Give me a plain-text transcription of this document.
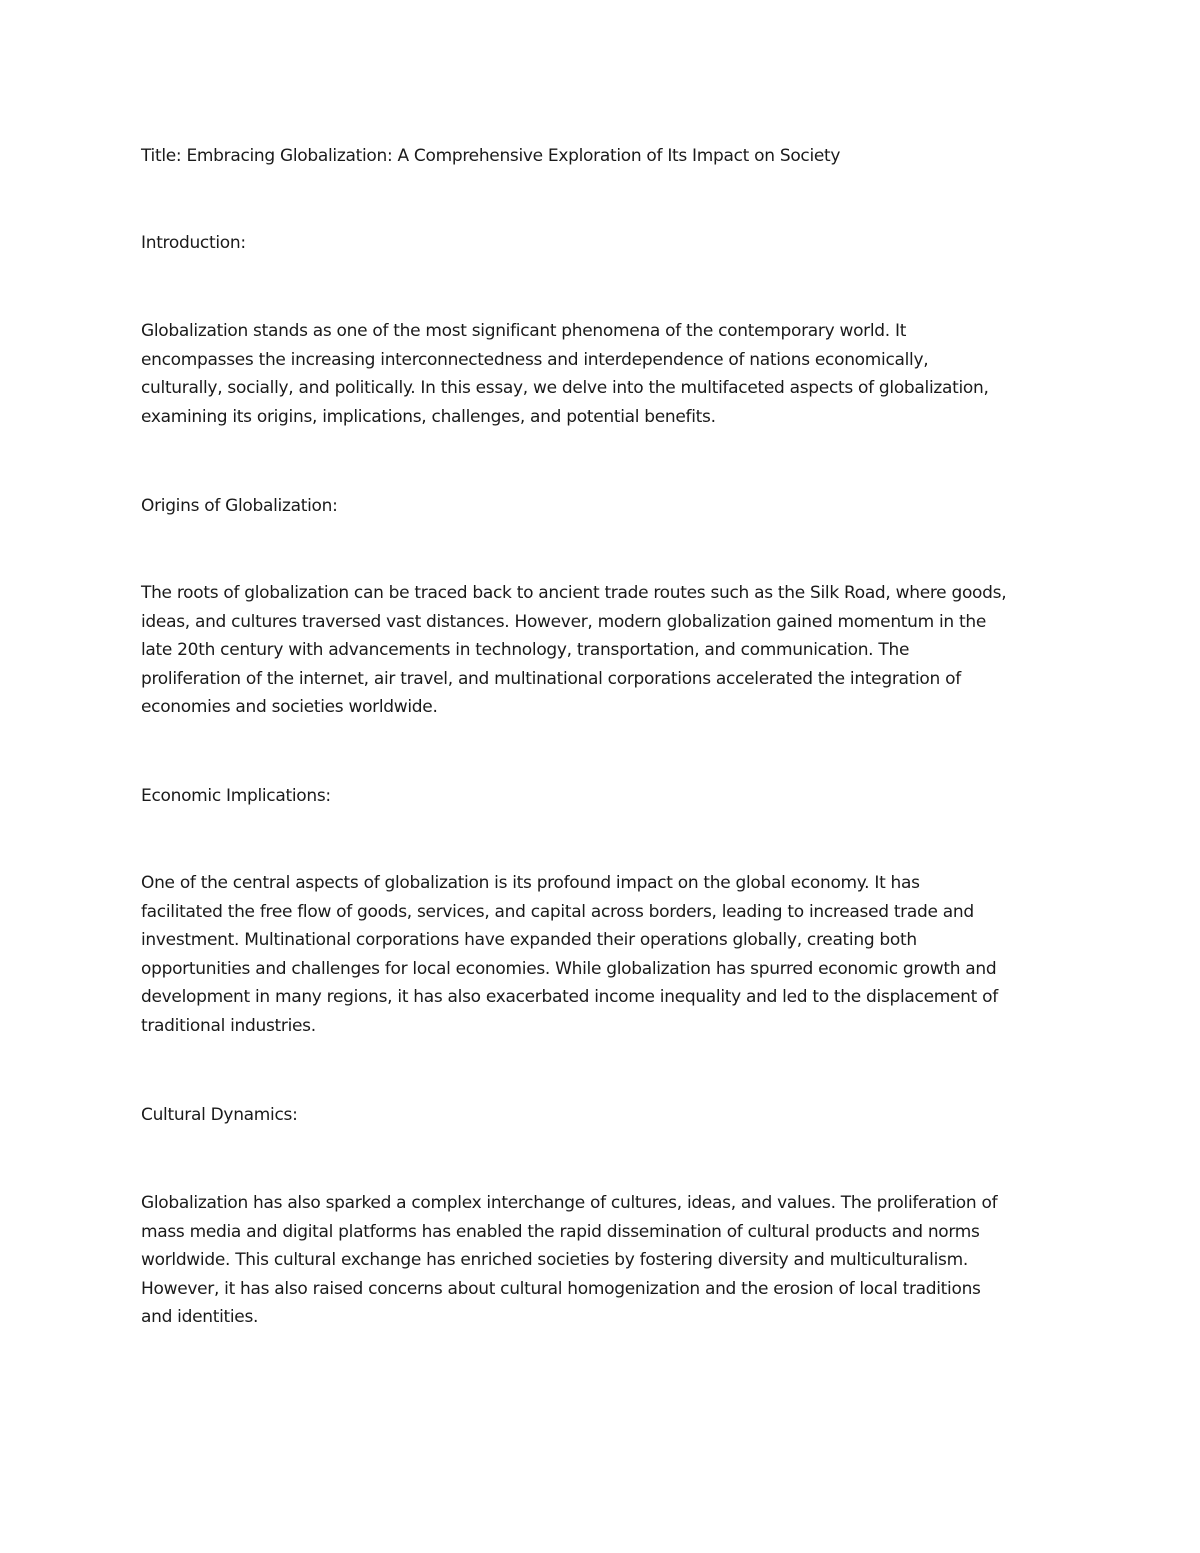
Title: Embracing Globalization: A Comprehensive Exploration of Its Impact on Society

Introduction:

Globalization stands as one of the most significant phenomena of the contemporary world. It
encompasses the increasing interconnectedness and interdependence of nations economically,
culturally, socially, and politically. In this essay, we delve into the multifaceted aspects of globalization,
examining its origins, implications, challenges, and potential benefits.

Origins of Globalization:

The roots of globalization can be traced back to ancient trade routes such as the Silk Road, where goods,
ideas, and cultures traversed vast distances. However, modern globalization gained momentum in the
late 20th century with advancements in technology, transportation, and communication. The
proliferation of the internet, air travel, and multinational corporations accelerated the integration of
economies and societies worldwide.

Economic Implications:

One of the central aspects of globalization is its profound impact on the global economy. It has
facilitated the free flow of goods, services, and capital across borders, leading to increased trade and
investment. Multinational corporations have expanded their operations globally, creating both
opportunities and challenges for local economies. While globalization has spurred economic growth and
development in many regions, it has also exacerbated income inequality and led to the displacement of
traditional industries.

Cultural Dynamics:

Globalization has also sparked a complex interchange of cultures, ideas, and values. The proliferation of
mass media and digital platforms has enabled the rapid dissemination of cultural products and norms
worldwide. This cultural exchange has enriched societies by fostering diversity and multiculturalism.
However, it has also raised concerns about cultural homogenization and the erosion of local traditions
and identities.
